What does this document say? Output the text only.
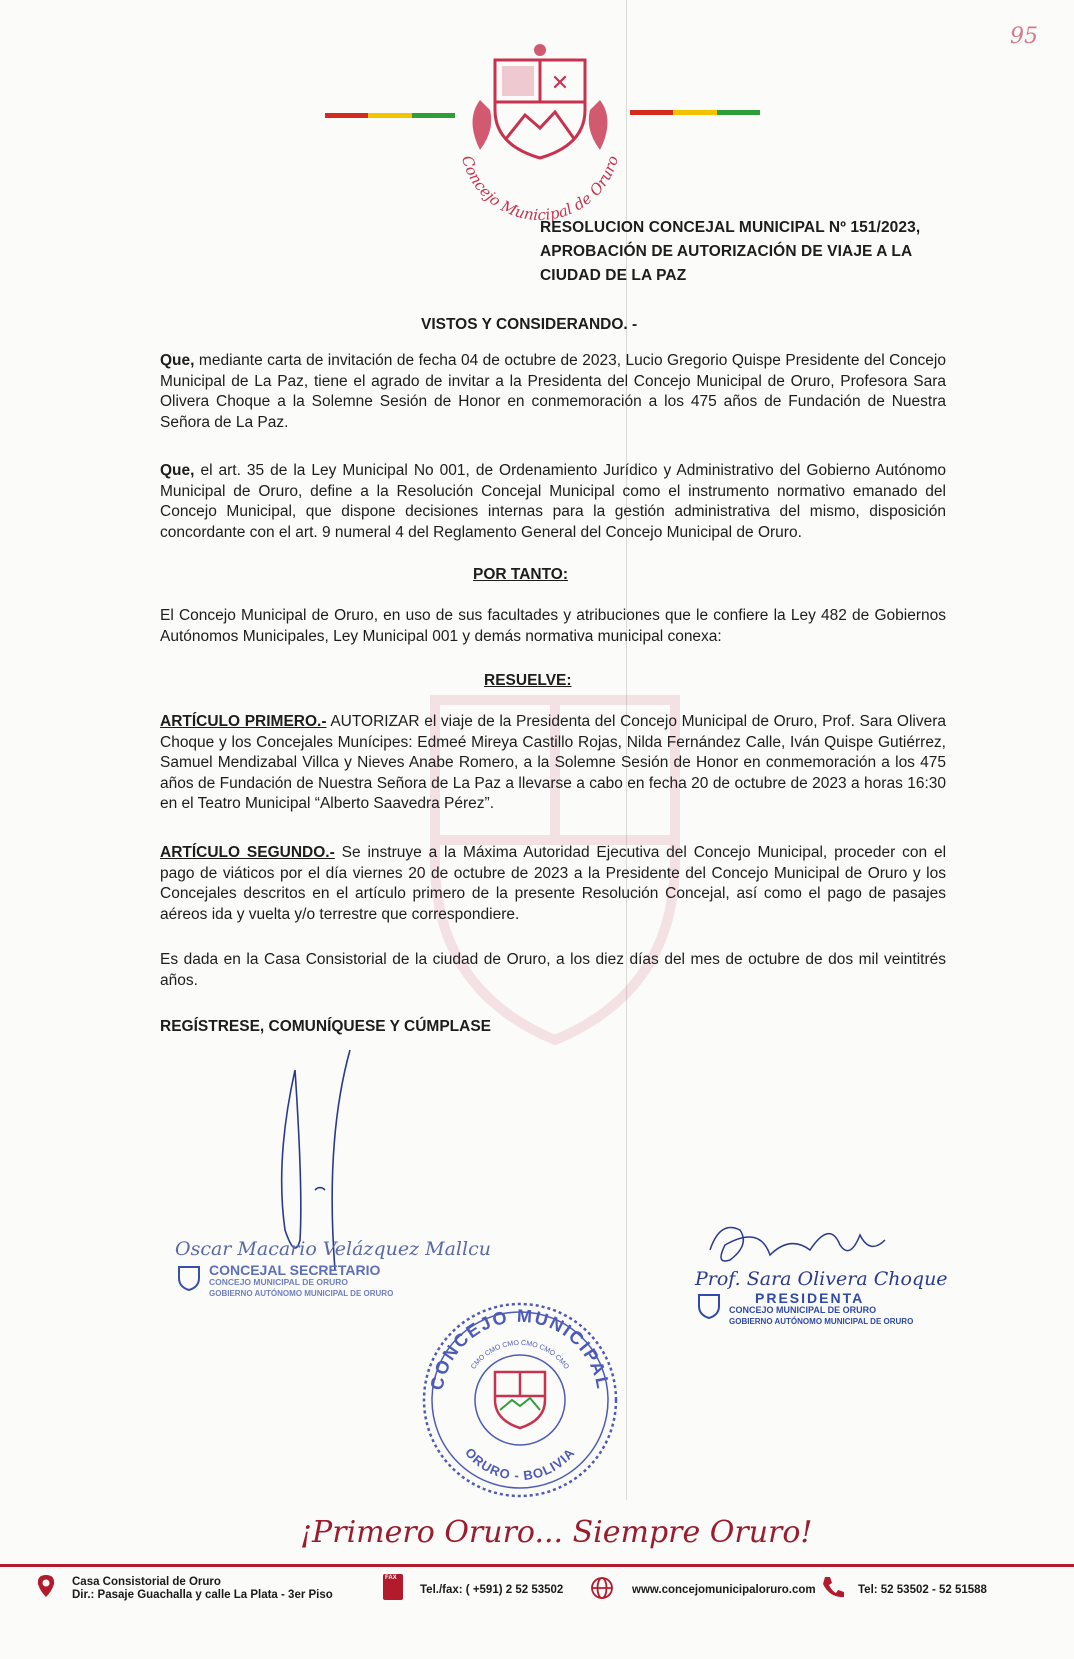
95
✕
Concejo Municipal de Oruro
RESOLUCION CONCEJAL MUNICIPAL Nº 151/2023,
APROBACIÓN DE AUTORIZACIÓN DE VIAJE A LA
CIUDAD DE LA PAZ
VISTOS Y CONSIDERANDO. -
Que, mediante carta de invitación de fecha 04 de octubre de 2023, Lucio Gregorio Quispe Presidente del Concejo Municipal de La Paz, tiene el agrado de invitar a la Presidenta del Concejo Municipal de Oruro, Profesora Sara Olivera Choque a la Solemne Sesión de Honor en conmemoración a los 475 años de Fundación de Nuestra Señora de La Paz.
Que, el art. 35 de la Ley Municipal No 001, de Ordenamiento Jurídico y Administrativo del Gobierno Autónomo Municipal de Oruro, define a la Resolución Concejal Municipal como el instrumento normativo emanado del Concejo Municipal, que dispone decisiones internas para la gestión administrativa del mismo, disposición concordante con el art. 9 numeral 4 del Reglamento General del Concejo Municipal de Oruro.
POR TANTO:
El Concejo Municipal de Oruro, en uso de sus facultades y atribuciones que le confiere la Ley 482 de Gobiernos Autónomos Municipales, Ley Municipal 001 y demás normativa municipal conexa:
RESUELVE:
ARTÍCULO PRIMERO.- AUTORIZAR el viaje de la Presidenta del Concejo Municipal de Oruro, Prof. Sara Olivera Choque y los Concejales Munícipes: Edmeé Mireya Castillo Rojas, Nilda Fernández Calle, Iván Quispe Gutiérrez, Samuel Mendizabal Villca y Nieves Anabe Romero, a la Solemne Sesión de Honor en conmemoración a los 475 años de Fundación de Nuestra Señora de La Paz a llevarse a cabo en fecha 20 de octubre de 2023 a horas 16:30 en el Teatro Municipal “Alberto Saavedra Pérez”.
ARTÍCULO SEGUNDO.- Se instruye a la Máxima Autoridad Ejecutiva del Concejo Municipal, proceder con el pago de viáticos por el día viernes 20 de octubre de 2023 a la Presidente del Concejo Municipal de Oruro y los Concejales descritos en el artículo primero de la presente Resolución Concejal, así como el pago de pasajes aéreos ida y vuelta y/o terrestre que correspondiere.
Es dada en la Casa Consistorial de la ciudad de Oruro, a los diez días del mes de octubre de dos mil veintitrés años.
REGÍSTRESE, COMUNÍQUESE Y CÚMPLASE
Oscar Macario Velázquez Mallcu
CONCEJAL SECRETARIO
CONCEJO MUNICIPAL DE ORURO
GOBIERNO AUTÓNOMO MUNICIPAL DE ORURO
Prof. Sara Olivera Choque
PRESIDENTA
CONCEJO MUNICIPAL DE ORURO
GOBIERNO AUTÓNOMO MUNICIPAL DE ORURO
CONCEJO MUNICIPAL
ORURO - BOLIVIA
CMO CMO CMO CMO CMO CMO
¡Primero Oruro... Siempre Oruro!
Casa Consistorial de Oruro
Dir.: Pasaje Guachalla y calle La Plata - 3er Piso
FAX
Tel./fax: ( +591) 2 52 53502	www.concejomunicipaloruro.com	Tel: 52 53502 - 52 51588
